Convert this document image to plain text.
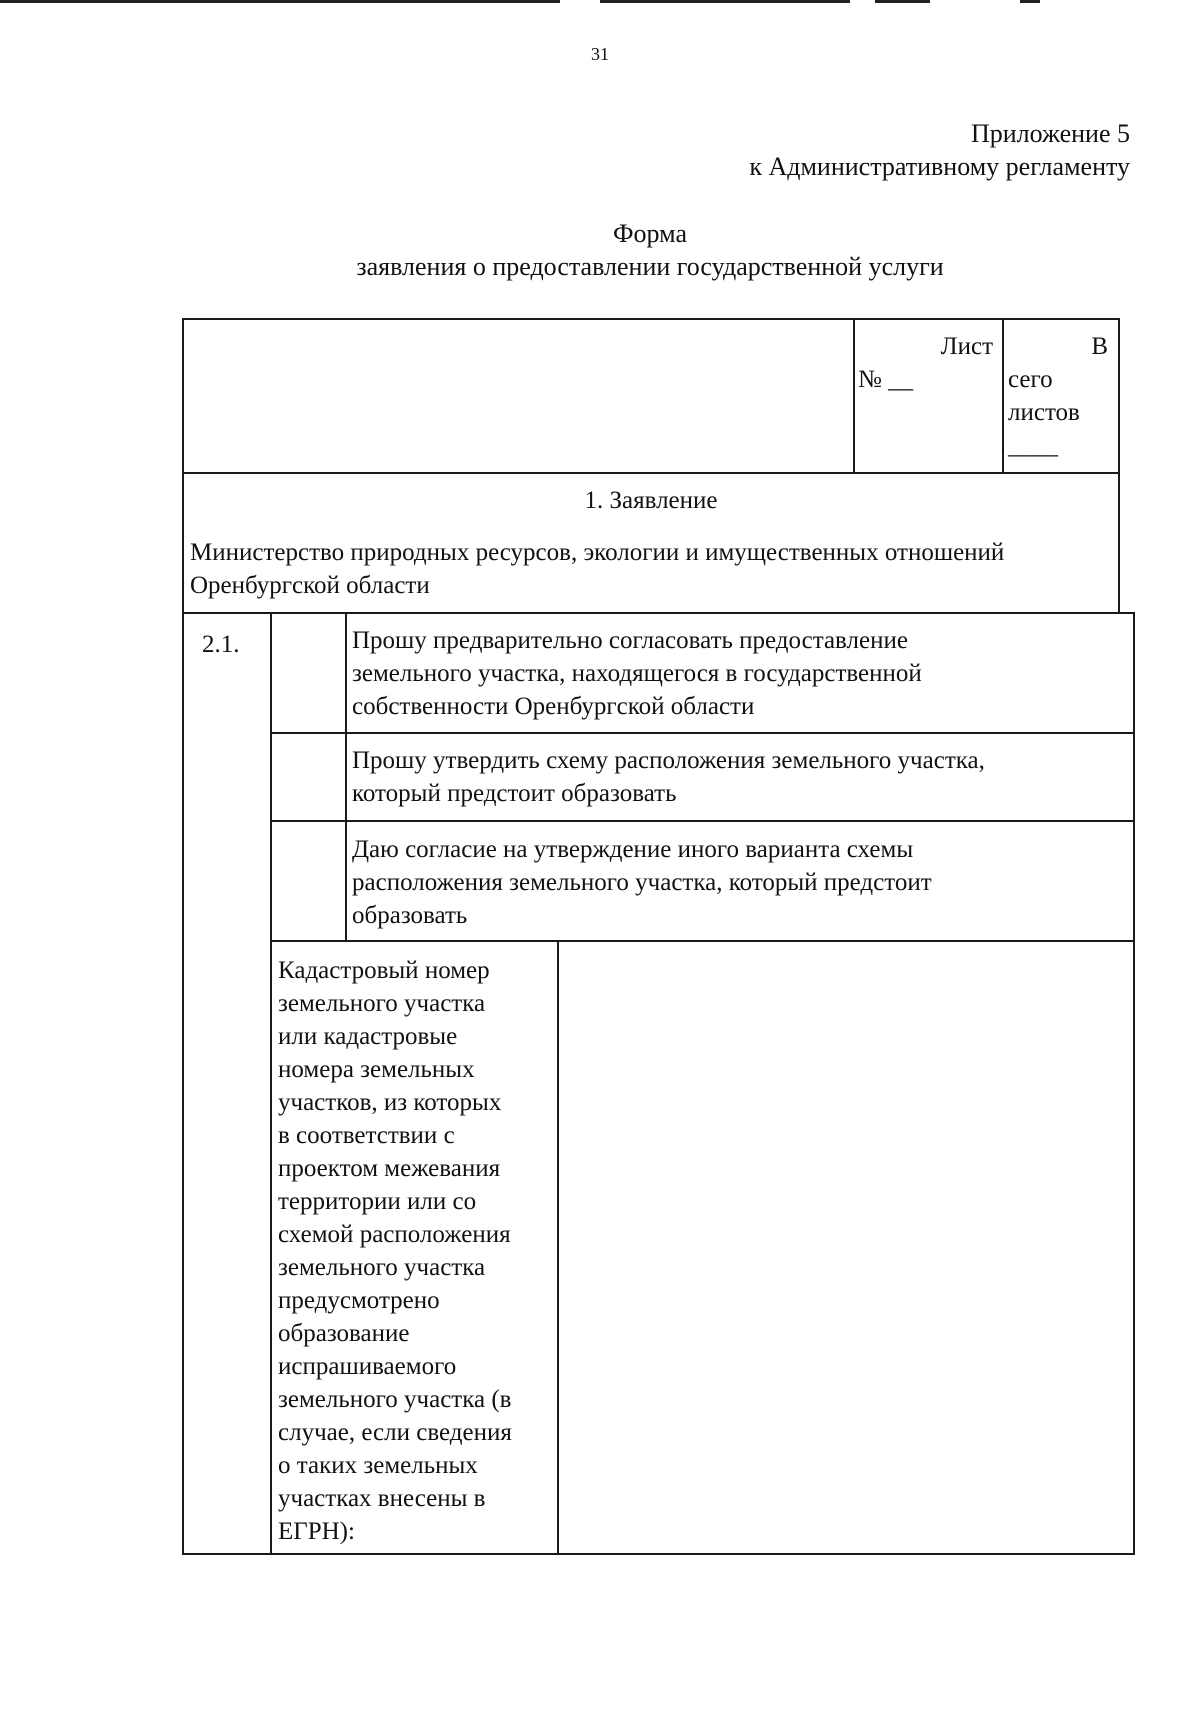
31
Приложение 5
к Административному регламенту
Форма
заявления о предоставлении государственной услуги
Лист
№ __
В
сего
листов
____
1. Заявление
Министерство природных ресурсов, экологии и имущественных отношений
Оренбургской области
2.1.	Прошу предварительно согласовать предоставление
земельного участка, находящегося в государственной
собственности Оренбургской области
Прошу утвердить схему расположения земельного участка,
который предстоит образовать
Даю согласие на утверждение иного варианта схемы
расположения земельного участка, который предстоит
образовать
Кадастровый номер
земельного участка
или кадастровые
номера земельных
участков, из которых
в соответствии с
проектом межевания
территории или со
схемой расположения
земельного участка
предусмотрено
образование
испрашиваемого
земельного участка (в
случае, если сведения
о таких земельных
участках внесены в
ЕГРН):
